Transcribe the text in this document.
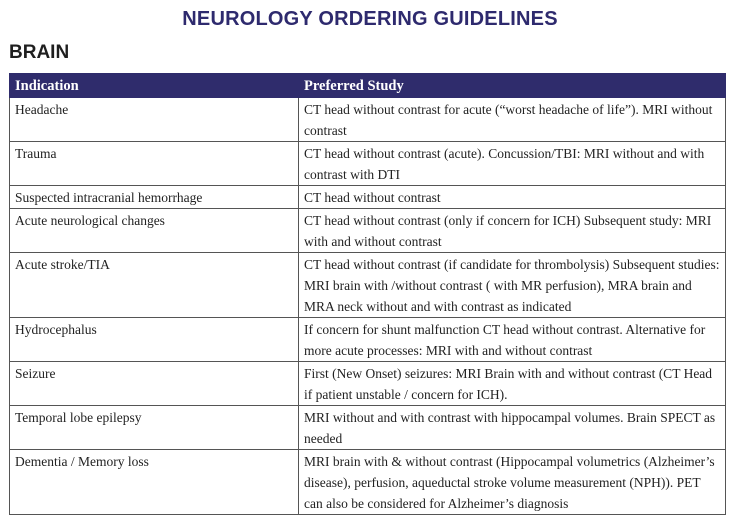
NEUROLOGY ORDERING GUIDELINES
BRAIN
Indication	Preferred Study
Headache	CT head without contrast for acute (“worst headache of life”). MRI without contrast
Trauma	CT head without contrast (acute). Concussion/TBI: MRI without and with contrast with DTI
Suspected intracranial hemorrhage	CT head without contrast
Acute neurological changes	CT head without contrast (only if concern for ICH) Subsequent study: MRI with and without contrast
Acute stroke/TIA	CT head without contrast (if candidate for thrombolysis) Subsequent studies: MRI brain with /without contrast ( with MR perfusion), MRA brain and MRA neck without and with contrast as indicated
Hydrocephalus	If concern for shunt malfunction CT head without contrast. Alternative for more acute processes: MRI with and without contrast
Seizure	First (New Onset) seizures: MRI Brain with and without contrast (CT Head if patient unstable / concern for ICH).
Temporal lobe epilepsy	MRI without and with contrast with hippocampal volumes. Brain SPECT as needed
Dementia / Memory loss	MRI brain with & without contrast (Hippocampal volumetrics (Alzheimer’s disease), perfusion, aqueductal stroke volume measurement (NPH)). PET can also be considered for Alzheimer’s diagnosis
